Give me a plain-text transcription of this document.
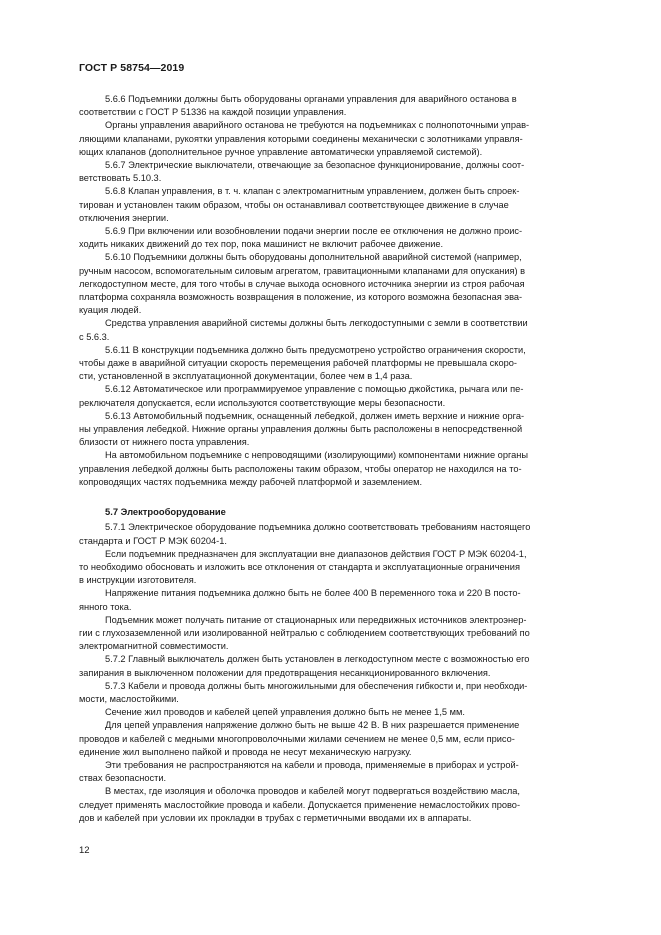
ГОСТ Р 58754—2019

5.6.6 Подъемники должны быть оборудованы органами управления для аварийного останова в
соответствии с ГОСТ Р 51336 на каждой позиции управления.

Органы управления аварийного останова не требуются на подъемниках с полнопоточными управ-
ляющими клапанами, рукоятки управления которыми соединены механически с золотниками управля-
ющих клапанов (дополнительное ручное управление автоматически управляемой системой).

5.6.7 Электрические выключатели, отвечающие за безопасное функционирование, должны соот-
ветствовать 5.10.3.

5.6.8 Клапан управления, в т. ч. клапан с электромагнитным управлением, должен быть спроек-
тирован и установлен таким образом, чтобы он останавливал соответствующее движение в случае
отключения энергии.

5.6.9 При включении или возобновлении подачи энергии после ее отключения не должно проис-
ходить никаких движений до тех пор, пока машинист не включит рабочее движение.

5.6.10 Подъемники должны быть оборудованы дополнительной аварийной системой (например,
ручным насосом, вспомогательным силовым агрегатом, гравитационными клапанами для опускания) в
легкодоступном месте, для того чтобы в случае выхода основного источника энергии из строя рабочая
платформа сохраняла возможность возвращения в положение, из которого возможна безопасная эва-
куация людей.

Средства управления аварийной системы должны быть легкодоступными с земли в соответствии
с 5.6.3.

5.6.11 В конструкции подъемника должно быть предусмотрено устройство ограничения скорости,
чтобы даже в аварийной ситуации скорость перемещения рабочей платформы не превышала скоро-
сти, установленной в эксплуатационной документации, более чем в 1,4 раза.

5.6.12 Автоматическое или программируемое управление с помощью джойстика, рычага или пе-
реключателя допускается, если используются соответствующие меры безопасности.

5.6.13 Автомобильный подъемник, оснащенный лебедкой, должен иметь верхние и нижние орга-
ны управления лебедкой. Нижние органы управления должны быть расположены в непосредственной
близости от нижнего поста управления.

На автомобильном подъемнике с непроводящими (изолирующими) компонентами нижние органы
управления лебедкой должны быть расположены таким образом, чтобы оператор не находился на то-
копроводящих частях подъемника между рабочей платформой и заземлением.

5.7 Электрооборудование

5.7.1 Электрическое оборудование подъемника должно соответствовать требованиям настоящего
стандарта и ГОСТ Р МЭК 60204-1.

Если подъемник предназначен для эксплуатации вне диапазонов действия ГОСТ Р МЭК 60204-1,
то необходимо обосновать и изложить все отклонения от стандарта и эксплуатационные ограничения
в инструкции изготовителя.

Напряжение питания подъемника должно быть не более 400 В переменного тока и 220 В посто-
янного тока.

Подъемник может получать питание от стационарных или передвижных источников электроэнер-
гии с глухозаземленной или изолированной нейтралью с соблюдением соответствующих требований по
электромагнитной совместимости.

5.7.2 Главный выключатель должен быть установлен в легкодоступном месте с возможностью его
запирания в выключенном положении для предотвращения несанкционированного включения.

5.7.3 Кабели и провода должны быть многожильными для обеспечения гибкости и, при необходи-
мости, маслостойкими.

Сечение жил проводов и кабелей цепей управления должно быть не менее 1,5 мм.

Для цепей управления напряжение должно быть не выше 42 В. В них разрешается применение
проводов и кабелей с медными многопроволочными жилами сечением не менее 0,5 мм, если присо-
единение жил выполнено пайкой и провода не несут механическую нагрузку.

Эти требования не распространяются на кабели и провода, применяемые в приборах и устрой-
ствах безопасности.

В местах, где изоляция и оболочка проводов и кабелей могут подвергаться воздействию масла,
следует применять маслостойкие провода и кабели. Допускается применение немаслостойких прово-
дов и кабелей при условии их прокладки в трубах с герметичными вводами их в аппараты.

12
